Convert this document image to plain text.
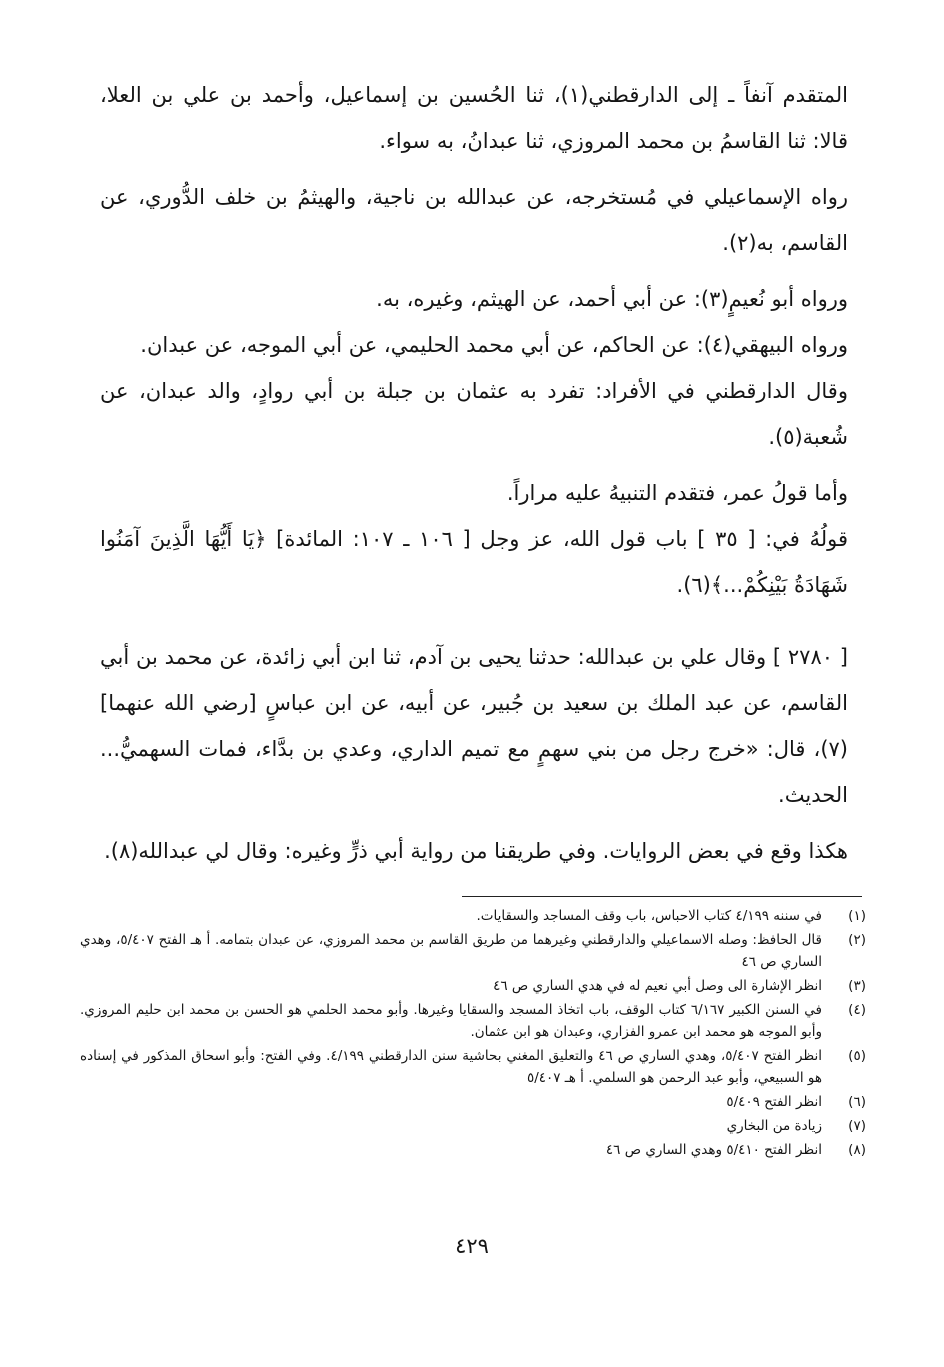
المتقدم آنفاً ـ إلى الدارقطني(١)، ثنا الحُسين بن إسماعيل، وأحمد بن علي بن العلا، قالا: ثنا القاسمُ بن محمد المروزي، ثنا عبدانُ، به سواء.

رواه الإسماعيلي في مُستخرجه، عن عبدالله بن ناجية، والهيثمُ بن خلف الدُّوري، عن القاسم، به(٢).

ورواه أبو نُعيمٍ(٣): عن أبي أحمد، عن الهيثم، وغيره، به.

ورواه البيهقي(٤): عن الحاكم، عن أبي محمد الحليمي، عن أبي الموجه، عن عبدان.

وقال الدارقطني في الأفراد: تفرد به عثمان بن جبلة بن أبي روادٍ، والد عبدان، عن شُعبة(٥).

وأما قولُ عمر، فتقدم التنبيهُ عليه مراراً.

قولُهُ في: [ ٣٥ ] باب قول الله، عز وجل [ ١٠٦ ـ ١٠٧: المائدة] ﴿يَا أَيُّهَا الَّذِينَ آمَنُوا شَهَادَةُ بَيْنِكُمْ...﴾(٦).

[ ٢٧٨٠ ] وقال علي بن عبدالله: حدثنا يحيى بن آدم، ثنا ابن أبي زائدة، عن محمد بن أبي القاسم، عن عبد الملك بن سعيد بن جُبير، عن أبيه، عن ابن عباسٍ [رضي الله عنهما](٧)، قال: «خرج رجل من بني سهمٍ مع تميم الداري، وعدي بن بدَّاء، فمات السهميُّ... الحديث.

هكذا وقع في بعض الروايات. وفي طريقنا من رواية أبي ذرٍّ وغيره: وقال لي عبدالله(٨).

(١)
في سننه ٤/١٩٩ كتاب الاحباس، باب وقف المساجد والسقايات.
(٢)
قال الحافظ: وصله الاسماعيلي والدارقطني وغيرهما من طريق القاسم بن محمد المروزي، عن عبدان بتمامه. أ هـ الفتح ٥/٤٠٧، وهدي الساري ص ٤٦
(٣)
انظر الإشارة الى وصل أبي نعيم له في هدي الساري ص ٤٦
(٤)
في السنن الكبير ٦/١٦٧ كتاب الوقف، باب اتخاذ المسجد والسقايا وغيرها. وأبو محمد الحلمي هو الحسن بن محمد ابن حليم المروزي. وأبو الموجه هو محمد ابن عمرو الفزاري، وعبدان هو ابن عثمان.
(٥)
انظر الفتح ٥/٤٠٧، وهدي الساري ص ٤٦ والتعليق المغني بحاشية سنن الدارقطني ٤/١٩٩. وفي الفتح: وأبو اسحاق المذكور في إسناده هو السبيعي، وأبو عبد الرحمن هو السلمي. أ هـ ٥/٤٠٧
(٦)
انظر الفتح ٥/٤٠٩
(٧)
زيادة من البخاري
(٨)
انظر الفتح ٥/٤١٠ وهدي الساري ص ٤٦
٤٢٩
